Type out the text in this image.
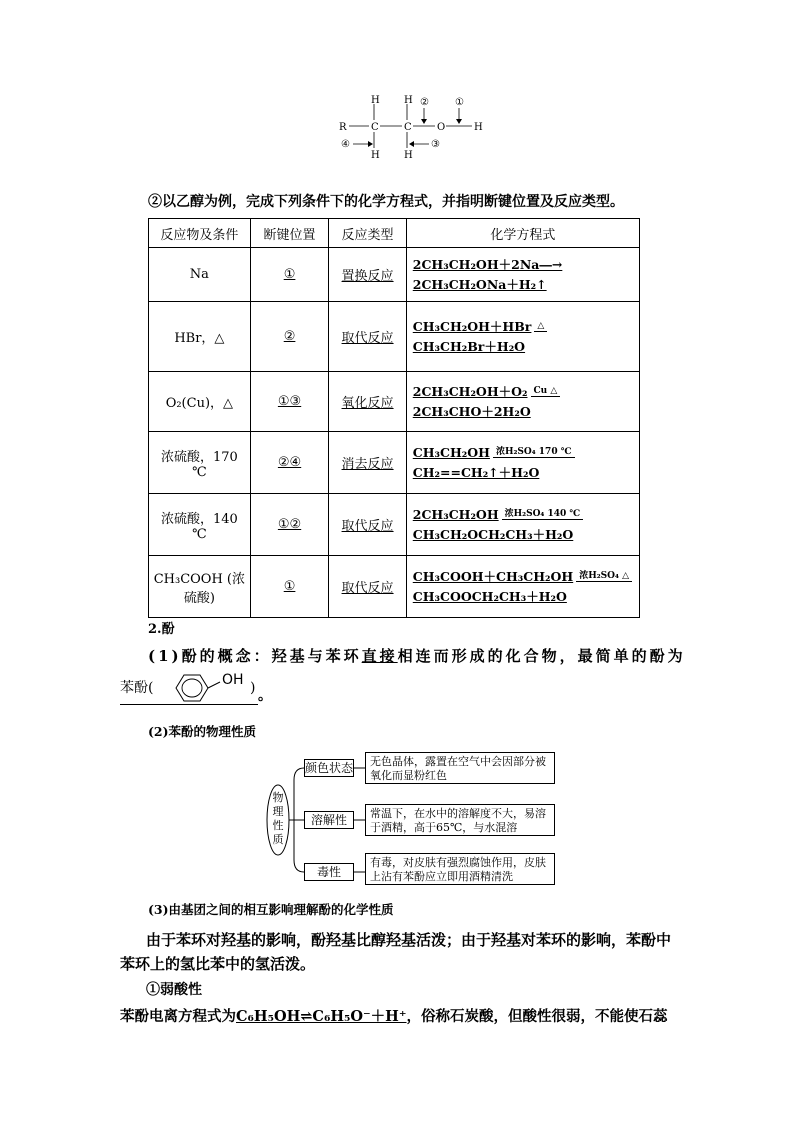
R C
H
H
C
H
H
O	H
②	①
④	③
②以乙醇为例，完成下列条件下的化学方程式，并指明断键位置及反应类型。
反应物及条件	断键位置	反应类型	化学方程式
Na	①	置换反应	2CH₃CH₂OH＋2Na―→
2CH₃CH₂ONa＋H₂↑

HBr，△	②	取代反应	CH₃CH₂OH＋HBr △
CH₃CH₂Br＋H₂O

O₂(Cu)，△	①③	氧化反应	2CH₃CH₂OH＋O₂ Cu △
2CH₃CHO＋2H₂O

浓硫酸，170 ℃	②④	消去反应	CH₃CH₂OH 浓H₂SO₄ 170 ℃
CH₂==CH₂↑＋H₂O

浓硫酸，140 ℃	①②	取代反应	2CH₃CH₂OH 浓H₂SO₄ 140 ℃
CH₃CH₂OCH₂CH₃＋H₂O

CH₃COOH (浓硫酸)	①	取代反应	CH₃COOH＋CH₃CH₂OH 浓H₂SO₄ △
CH₃COOCH₂CH₃＋H₂O
2.酚
(1)酚的概念：羟基与苯环直接相连而形成的化合物，最简单的酚为
苯酚(	OH ) 。
(2)苯酚的物理性质
物理性质
颜色状态
溶解性
毒性
无色晶体，露置在空气中会因部分被氧化而显粉红色
常温下，在水中的溶解度不大，易溶于酒精，高于65℃，与水混溶
有毒，对皮肤有强烈腐蚀作用，皮肤上沾有苯酚应立即用酒精清洗
(3)由基团之间的相互影响理解酚的化学性质
由于苯环对羟基的影响，酚羟基比醇羟基活泼；由于羟基对苯环的影响，苯酚中苯环上的氢比苯中的氢活泼。
①弱酸性
苯酚电离方程式为C₆H₅OH⇌C₆H₅O⁻＋H⁺，俗称石炭酸，但酸性很弱，不能使石蕊
